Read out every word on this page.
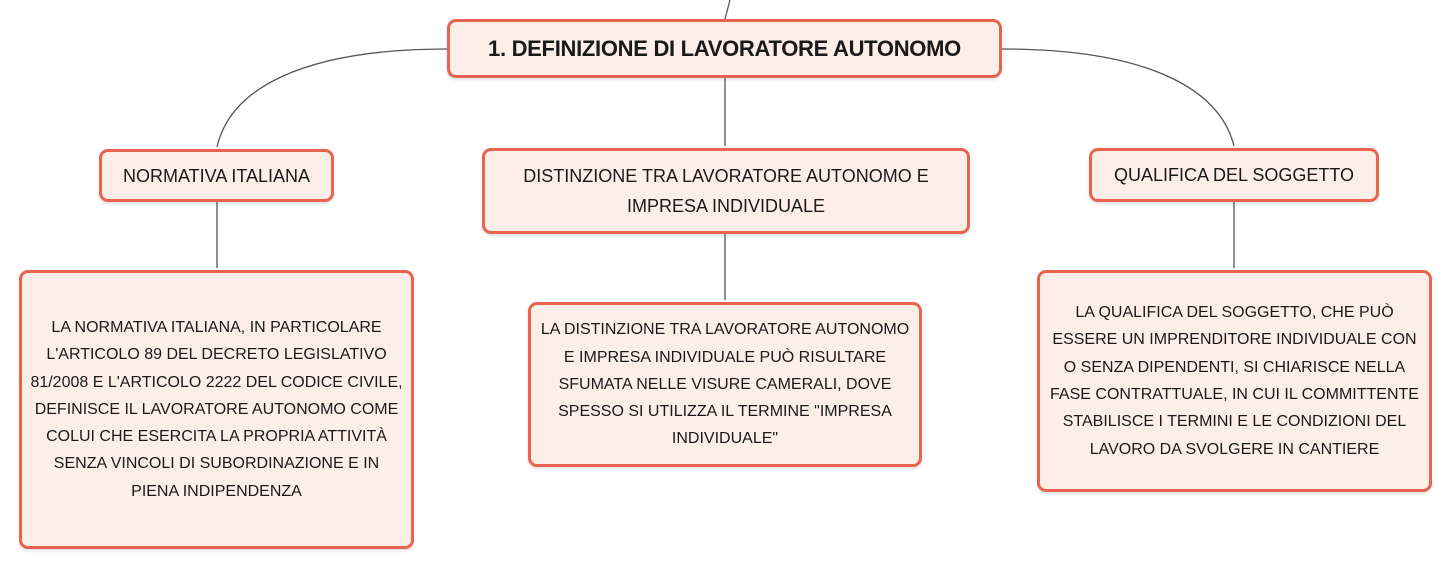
1. DEFINIZIONE DI LAVORATORE AUTONOMO
NORMATIVA ITALIANA	DISTINZIONE TRA LAVORATORE AUTONOMO E IMPRESA INDIVIDUALE
QUALIFICA DEL SOGGETTO
LA NORMATIVA ITALIANA, IN PARTICOLARE L'ARTICOLO 89 DEL DECRETO LEGISLATIVO 81/2008 E L'ARTICOLO 2222 DEL CODICE CIVILE, DEFINISCE IL LAVORATORE AUTONOMO COME COLUI CHE ESERCITA LA PROPRIA ATTIVITÀ SENZA VINCOLI DI SUBORDINAZIONE E IN PIENA INDIPENDENZA
LA DISTINZIONE TRA LAVORATORE AUTONOMO E IMPRESA INDIVIDUALE PUÒ RISULTARE SFUMATA NELLE VISURE CAMERALI, DOVE SPESSO SI UTILIZZA IL TERMINE "IMPRESA INDIVIDUALE"
LA QUALIFICA DEL SOGGETTO, CHE PUÒ ESSERE UN IMPRENDITORE INDIVIDUALE CON O SENZA DIPENDENTI, SI CHIARISCE NELLA FASE CONTRATTUALE, IN CUI IL COMMITTENTE STABILISCE I TERMINI E LE CONDIZIONI DEL LAVORO DA SVOLGERE IN CANTIERE
